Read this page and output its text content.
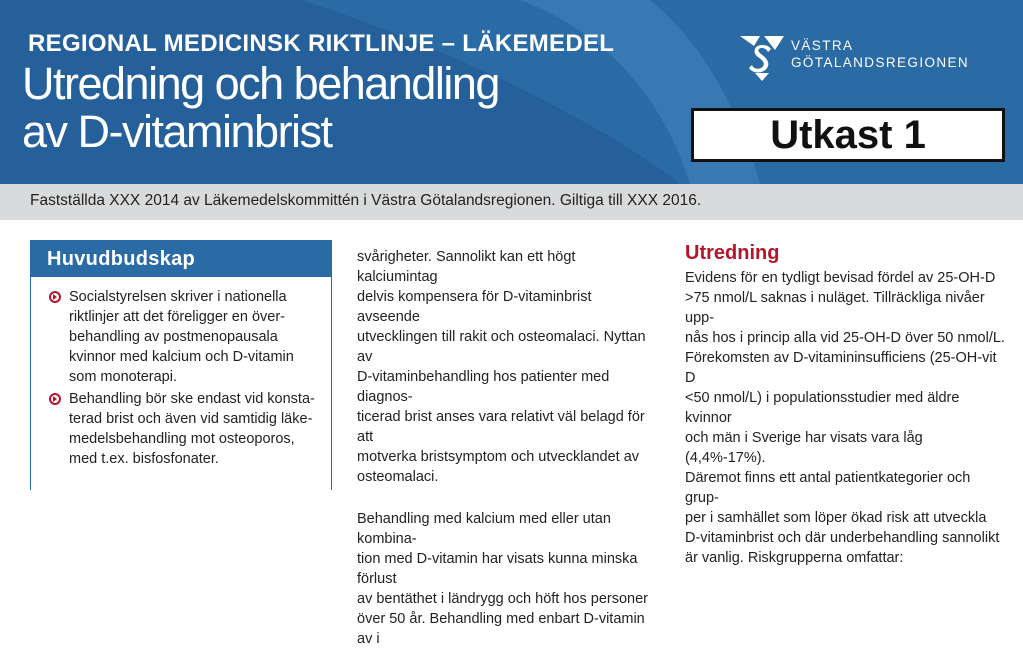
REGIONAL MEDICINSK RIKTLINJE – LÄKEMEDEL
Utredning och behandling
av D-vitaminbrist
VÄSTRA
GÖTALANDSREGIONEN
Utkast 1
Fastställda XXX 2014 av Läkemedelskommittén i Västra Götalandsregionen. Giltiga till XXX 2016.
Huvudbudskap
Socialstyrelsen skriver i nationella
riktlinjer att det föreligger en över-
behandling av postmenopausala
kvinnor med kalcium och D-vitamin
som monoterapi.
Behandling bör ske endast vid konsta-
terad brist och även vid samtidig läke-
medelsbehandling mot osteoporos,
med t.ex. bisfosfonater.

svårigheter. Sannolikt kan ett högt kalciumintag
delvis kompensera för D-vitaminbrist avseende
utvecklingen till rakit och osteomalaci. Nyttan av
D-vitaminbehandling hos patienter med diagnos-
ticerad brist anses vara relativt väl belagd för att
motverka bristsymptom och utvecklandet av
osteomalaci.

Behandling med kalcium med eller utan kombina-
tion med D-vitamin har visats kunna minska förlust
av bentäthet i ländrygg och höft hos personer
över 50 år. Behandling med enbart D-vitamin av i

Utredning

Evidens för en tydligt bevisad fördel av 25-OH-D
>75 nmol/L saknas i nuläget. Tillräckliga nivåer upp-
nås hos i princip alla vid 25-OH-D över 50 nmol/L.
Förekomsten av D-vitamininsufficiens (25-OH-vit D
<50 nmol/L) i populationsstudier med äldre kvinnor
och män i Sverige har visats vara låg (4,4%-17%).
Däremot finns ett antal patientkategorier och grup-
per i samhället som löper ökad risk att utveckla
D-vitaminbrist och där underbehandling sannolikt
är vanlig. Riskgrupperna omfattar:
